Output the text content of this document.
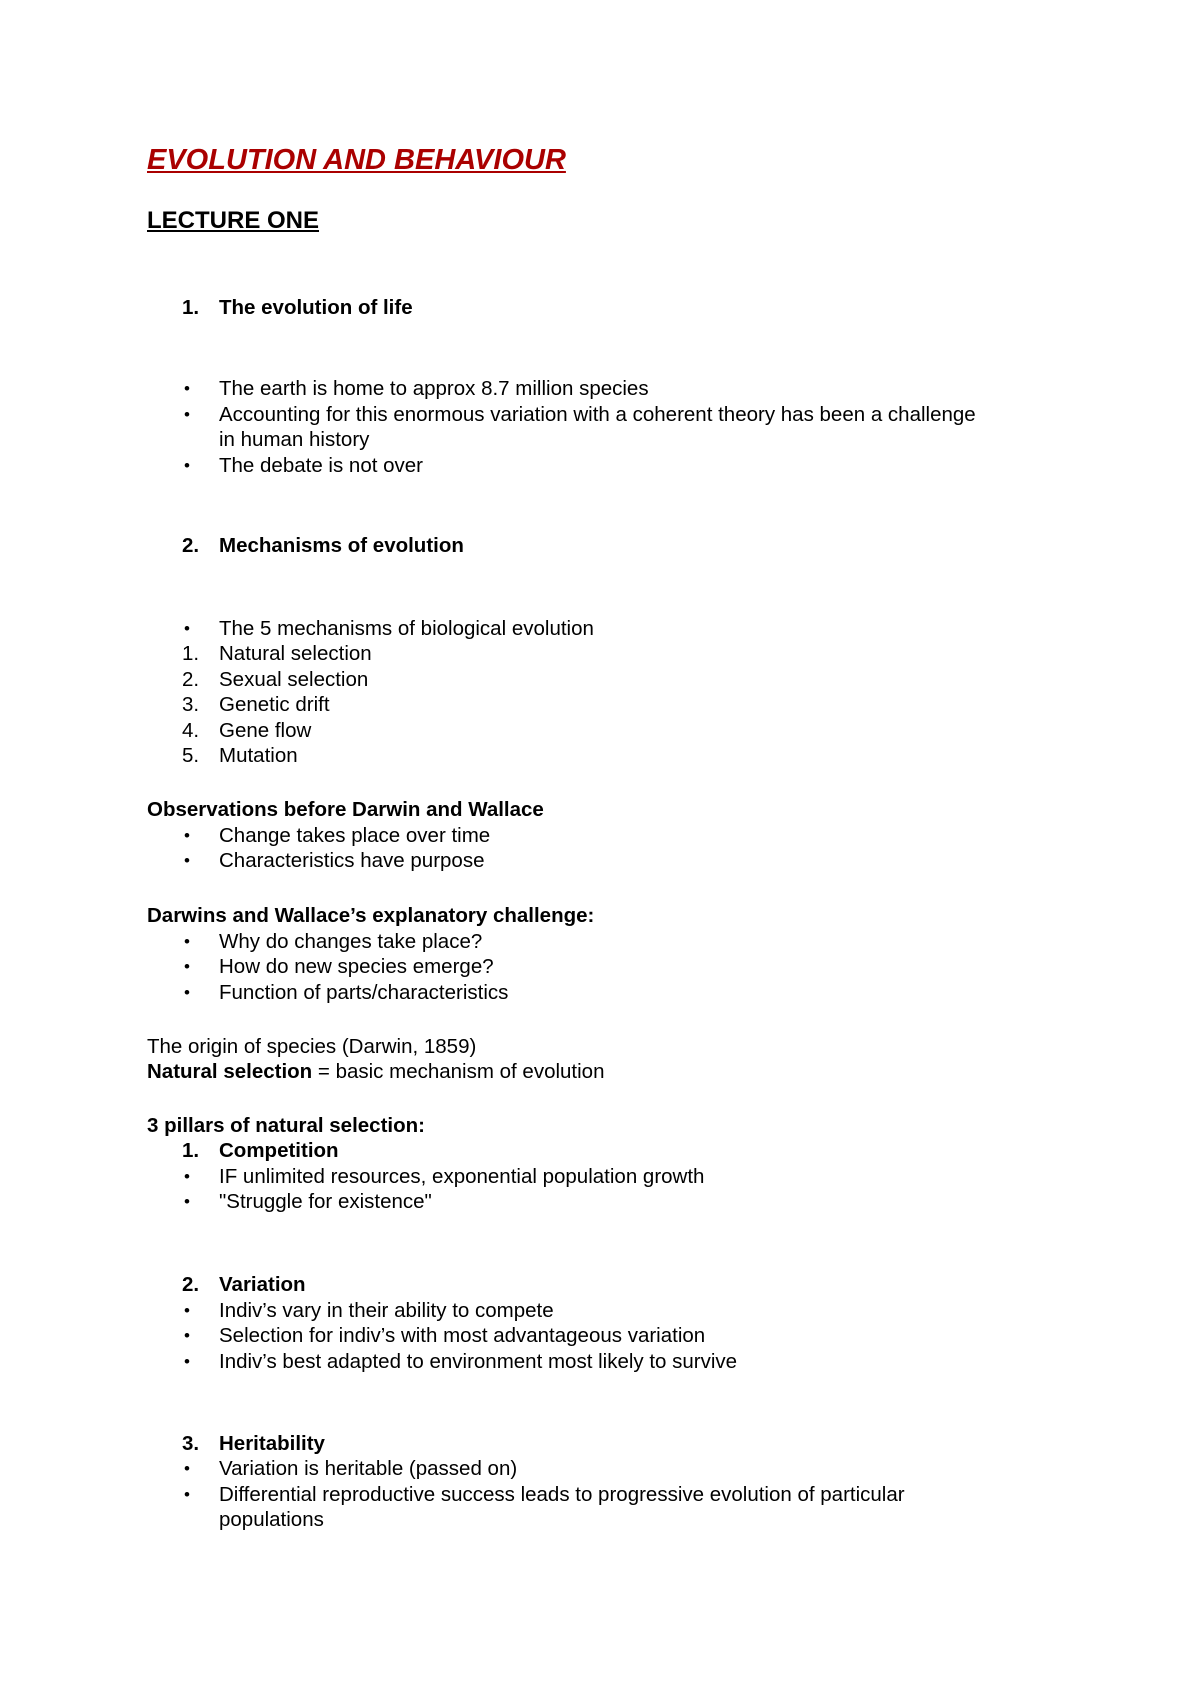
EVOLUTION AND BEHAVIOUR
LECTURE ONE
1. The evolution of life
• The earth is home to approx 8.7 million species
• Accounting for this enormous variation with a coherent theory has been a challenge
in human history
• The debate is not over
2. Mechanisms of evolution
• The 5 mechanisms of biological evolution
1. Natural selection
2. Sexual selection
3. Genetic drift
4. Gene flow
5. Mutation
Observations before Darwin and Wallace
• Change takes place over time
• Characteristics have purpose
Darwins and Wallace’s explanatory challenge:
• Why do changes take place?
• How do new species emerge?
• Function of parts/characteristics
The origin of species (Darwin, 1859)
Natural selection = basic mechanism of evolution
3 pillars of natural selection:
1. Competition
• IF unlimited resources, exponential population growth
• "Struggle for existence"
2. Variation
• Indiv’s vary in their ability to compete
• Selection for indiv’s with most advantageous variation
• Indiv’s best adapted to environment most likely to survive
3. Heritability
• Variation is heritable (passed on)
• Differential reproductive success leads to progressive evolution of particular
populations
